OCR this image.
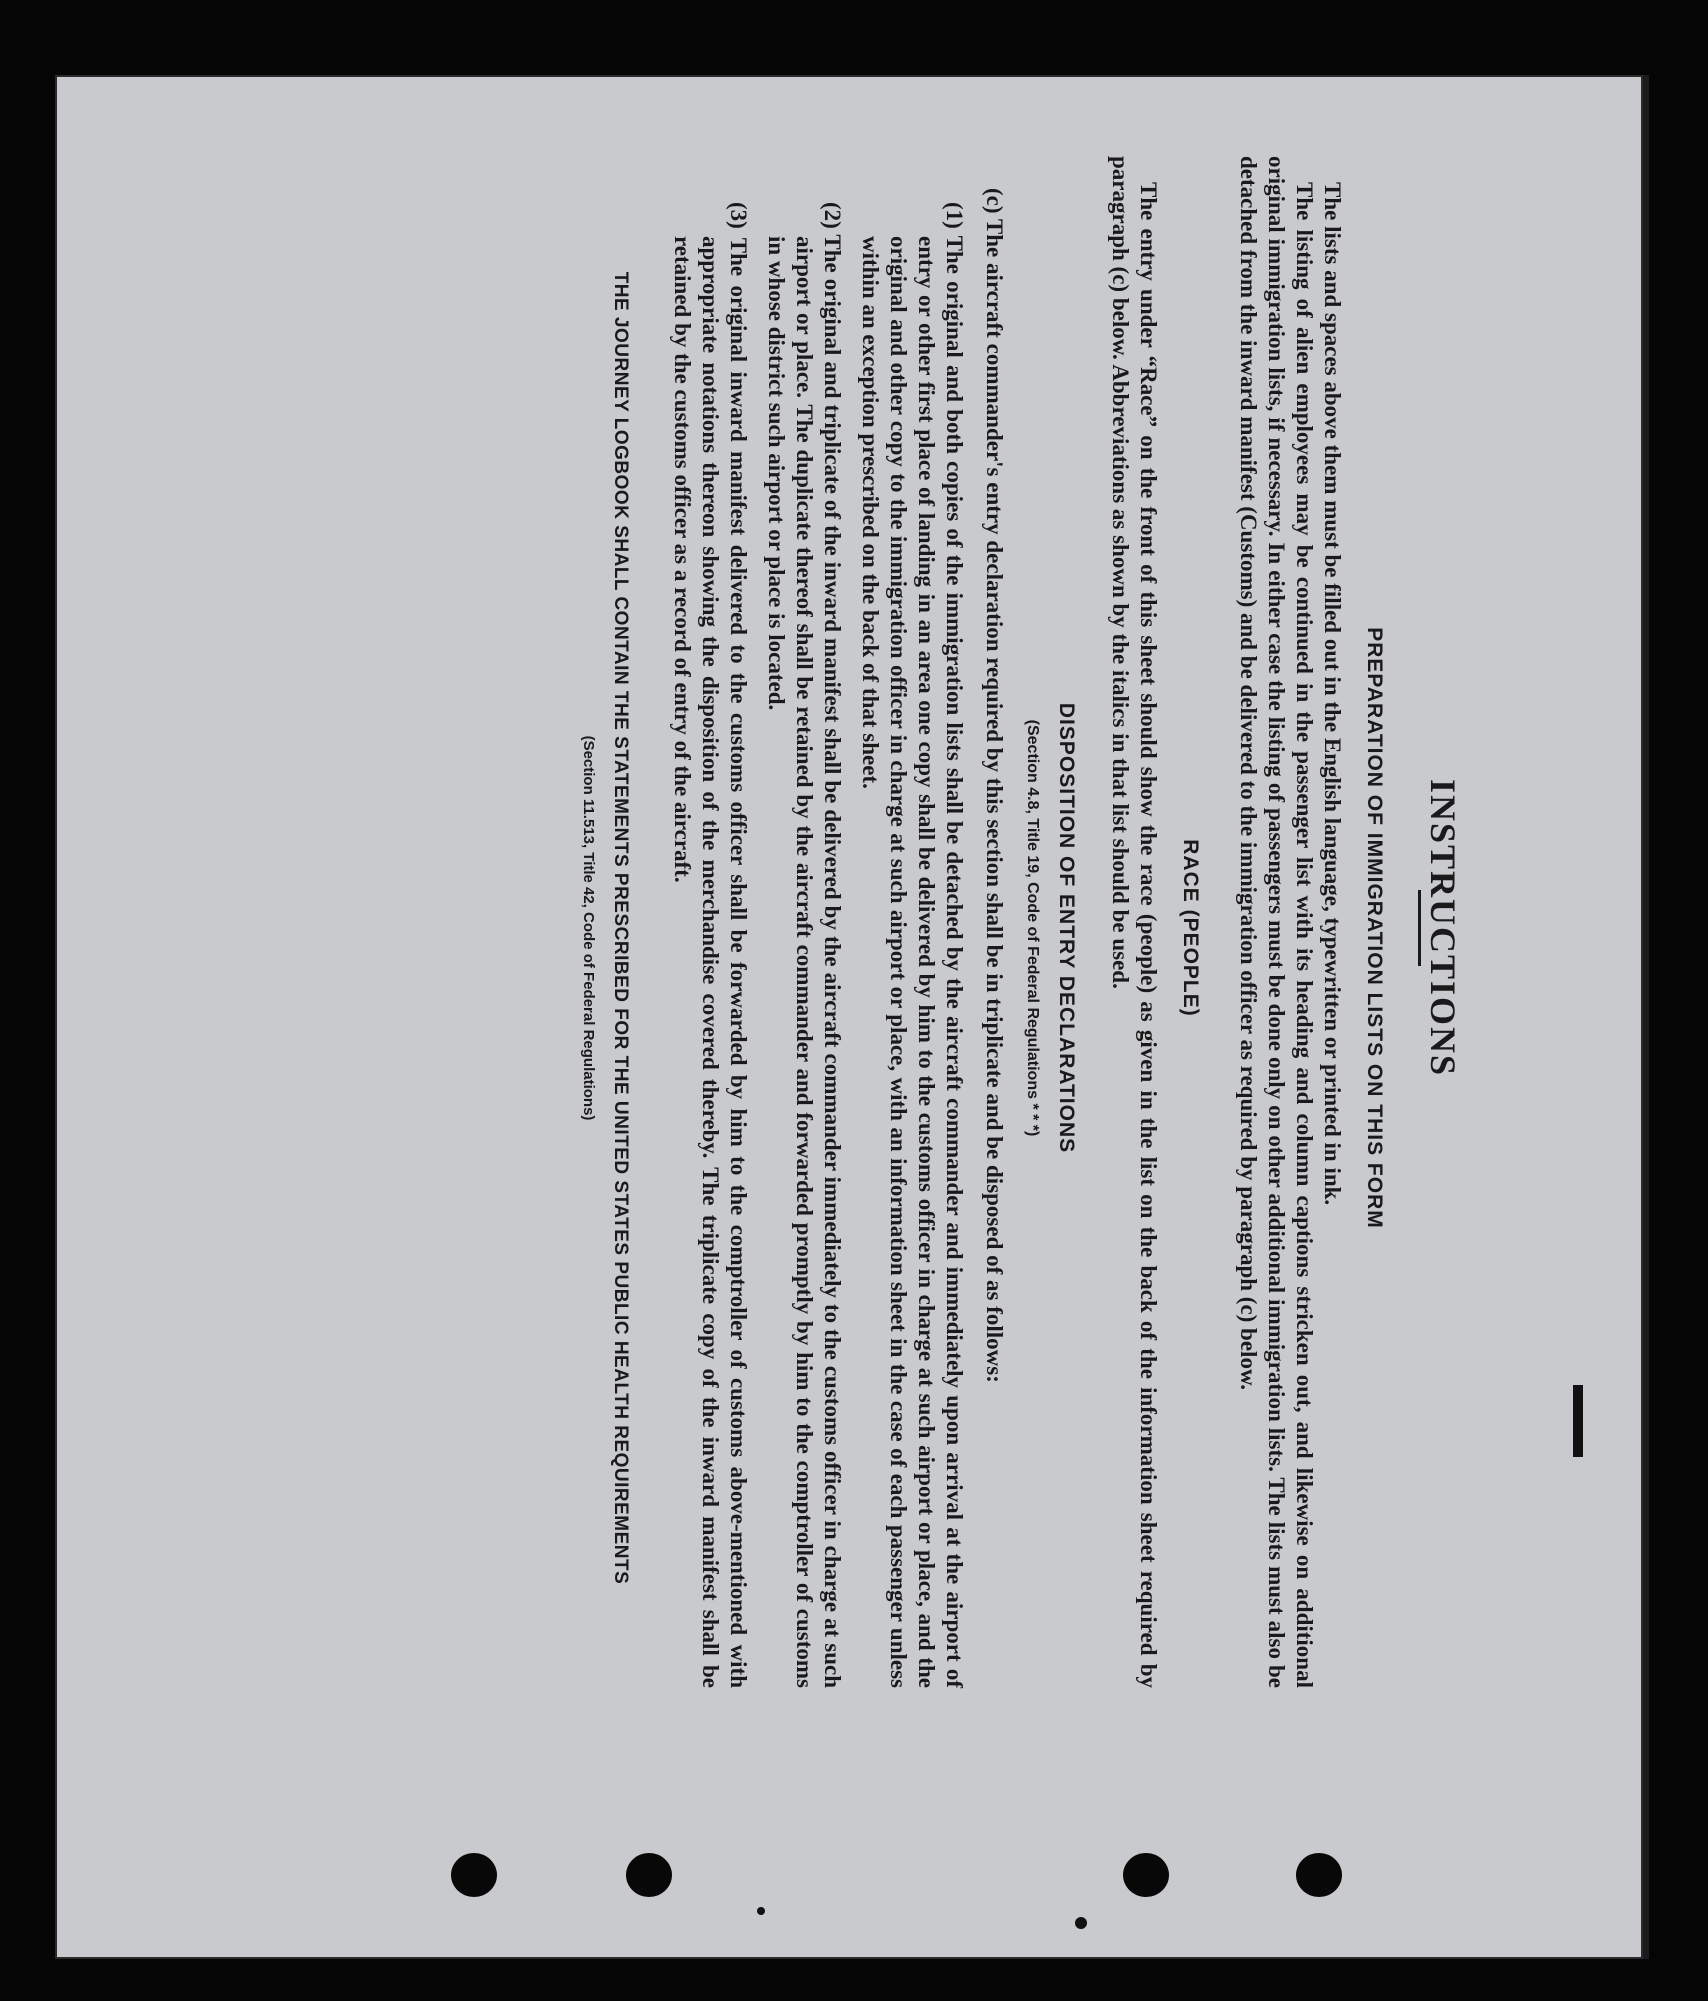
INSTRUCTIONS
PREPARATION OF IMMIGRATION LISTS ON THIS FORM

The lists and spaces above them must be filled out in the English language, typewritten or printed in ink.

The listing of alien employees may be continued in the passenger list with its heading and column captions stricken out, and likewise on additional original immigration lists, if necessary. In either case the listing of passengers must be done only on other additional immigration lists. The lists must also be detached from the inward manifest (Customs) and be delivered to the immigration officer as required by paragraph (c) below.

RACE (PEOPLE)

The entry under “Race” on the front of this sheet should show the race (people) as given in the list on the back of the information sheet required by paragraph (c) below. Abbreviations as shown by the italics in that list should be used.

DISPOSITION OF ENTRY DECLARATIONS
(Section 4.8, Title 19, Code of Federal Regulations * * *)

(c) The aircraft commander's entry declaration required by this section shall be in triplicate and be disposed of as follows:

(1) The original and both copies of the immigration lists shall be detached by the aircraft commander and immediately upon arrival at the airport of entry or other first place of landing in an area one copy shall be delivered by him to the customs officer in charge at such airport or place, and the original and other copy to the immigration officer in charge at such airport or place, with an information sheet in the case of each passenger unless within an exception prescribed on the back of that sheet.

(2) The original and triplicate of the inward manifest shall be delivered by the aircraft commander immediately to the customs officer in charge at such airport or place. The duplicate thereof shall be retained by the aircraft commander and forwarded promptly by him to the comptroller of customs in whose district such airport or place is located.

(3) The original inward manifest delivered to the customs officer shall be forwarded by him to the comptroller of customs above-mentioned with appropriate notations thereon showing the disposition of the merchandise covered thereby. The triplicate copy of the inward manifest shall be retained by the customs officer as a record of entry of the aircraft.

THE JOURNEY LOGBOOK SHALL CONTAIN THE STATEMENTS PRESCRIBED FOR THE UNITED STATES PUBLIC HEALTH REQUIREMENTS
(Section 11.513, Title 42, Code of Federal Regulations)
